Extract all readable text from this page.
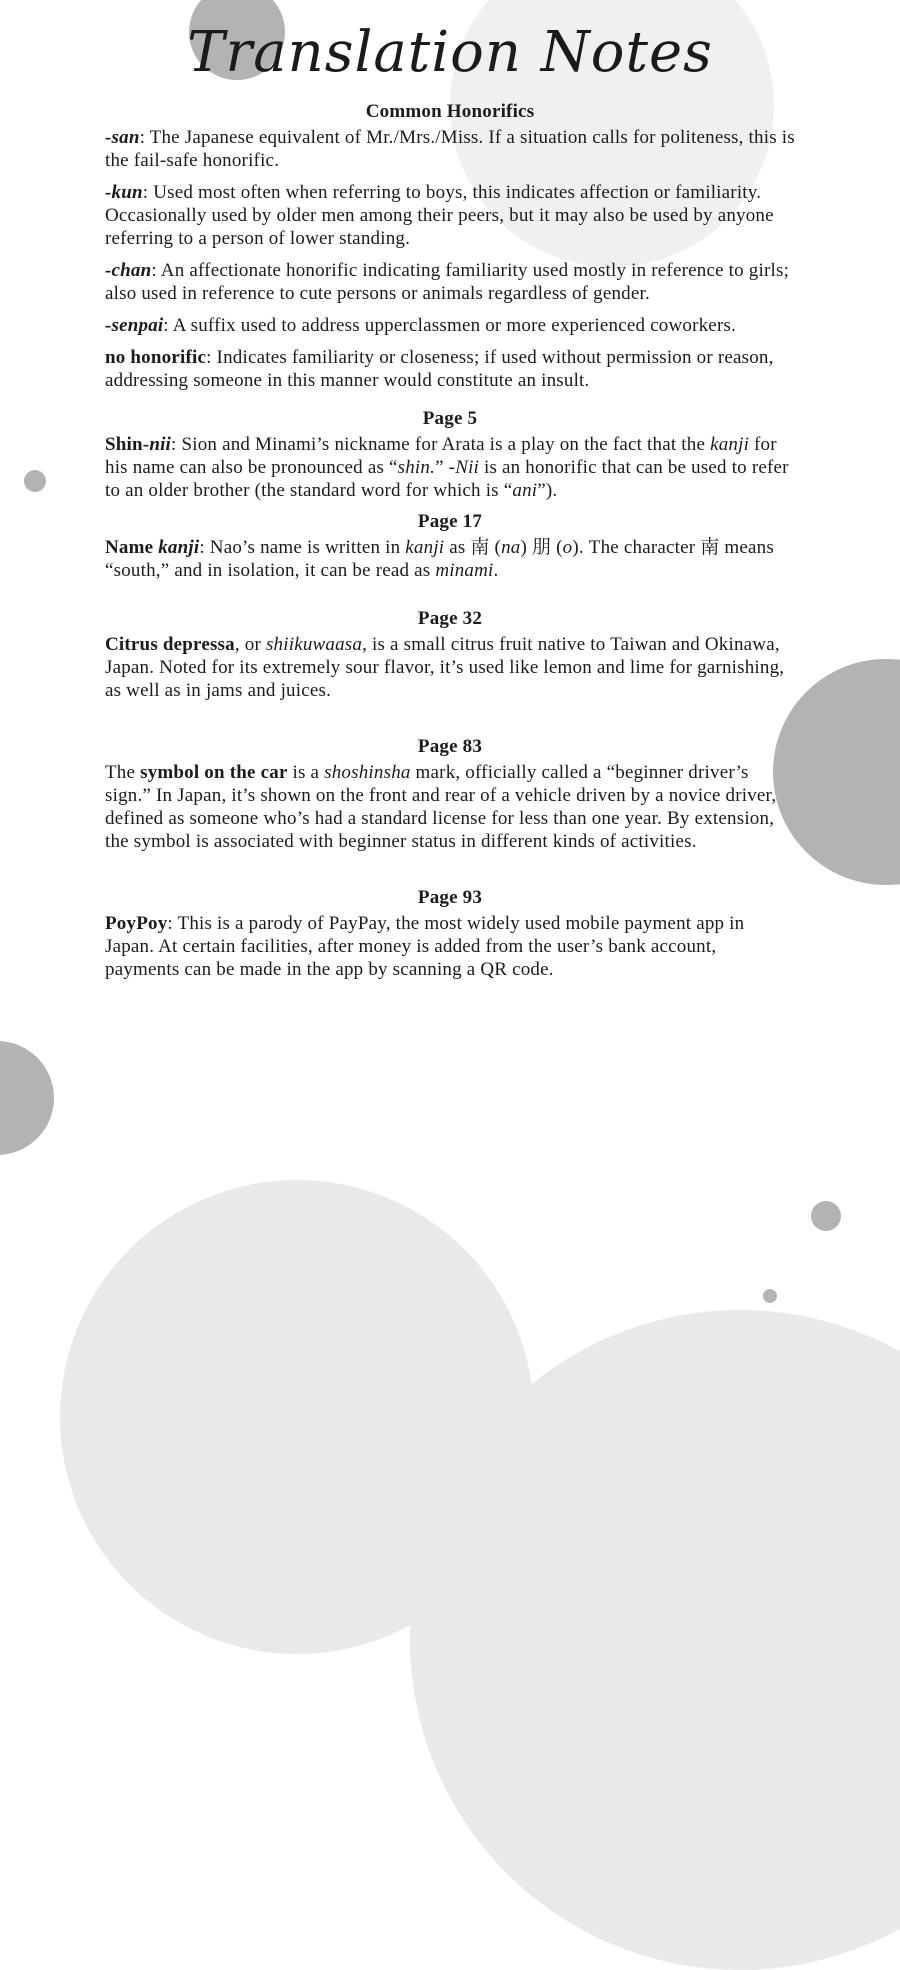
Translation Notes
Common Honorifics

-san: The Japanese equivalent of Mr./Mrs./Miss. If a situation calls for politeness, this is the fail-safe honorific.

-kun: Used most often when referring to boys, this indicates affection or familiarity. Occasionally used by older men among their peers, but it may also be used by anyone referring to a person of lower standing.

-chan: An affectionate honorific indicating familiarity used mostly in reference to girls; also used in reference to cute persons or animals regardless of gender.

-senpai: A suffix used to address upperclassmen or more experienced coworkers.

no honorific: Indicates familiarity or closeness; if used without permission or reason, addressing someone in this manner would constitute an insult.

Page 5

Shin-nii: Sion and Minami’s nickname for Arata is a play on the fact that the kanji for his name can also be pronounced as “shin.” -Nii is an honorific that can be used to refer to an older brother (the standard word for which is “ani”).

Page 17

Name kanji: Nao’s name is written in kanji as 南 (na) 朋 (o). The character 南 means “south,” and in isolation, it can be read as minami.

Page 32

Citrus depressa, or shiikuwaasa, is a small citrus fruit native to Taiwan and Okinawa, Japan. Noted for its extremely sour flavor, it’s used like lemon and lime for garnishing, as well as in jams and juices.

Page 83

The symbol on the car is a shoshinsha mark, officially called a “beginner driver’s sign.” In Japan, it’s shown on the front and rear of a vehicle driven by a novice driver, defined as someone who’s had a standard license for less than one year. By extension, the symbol is associated with beginner status in different kinds of activities.

Page 93

PoyPoy: This is a parody of PayPay, the most widely used mobile payment app in Japan. At certain facilities, after money is added from the user’s bank account, payments can be made in the app by scanning a QR code.
